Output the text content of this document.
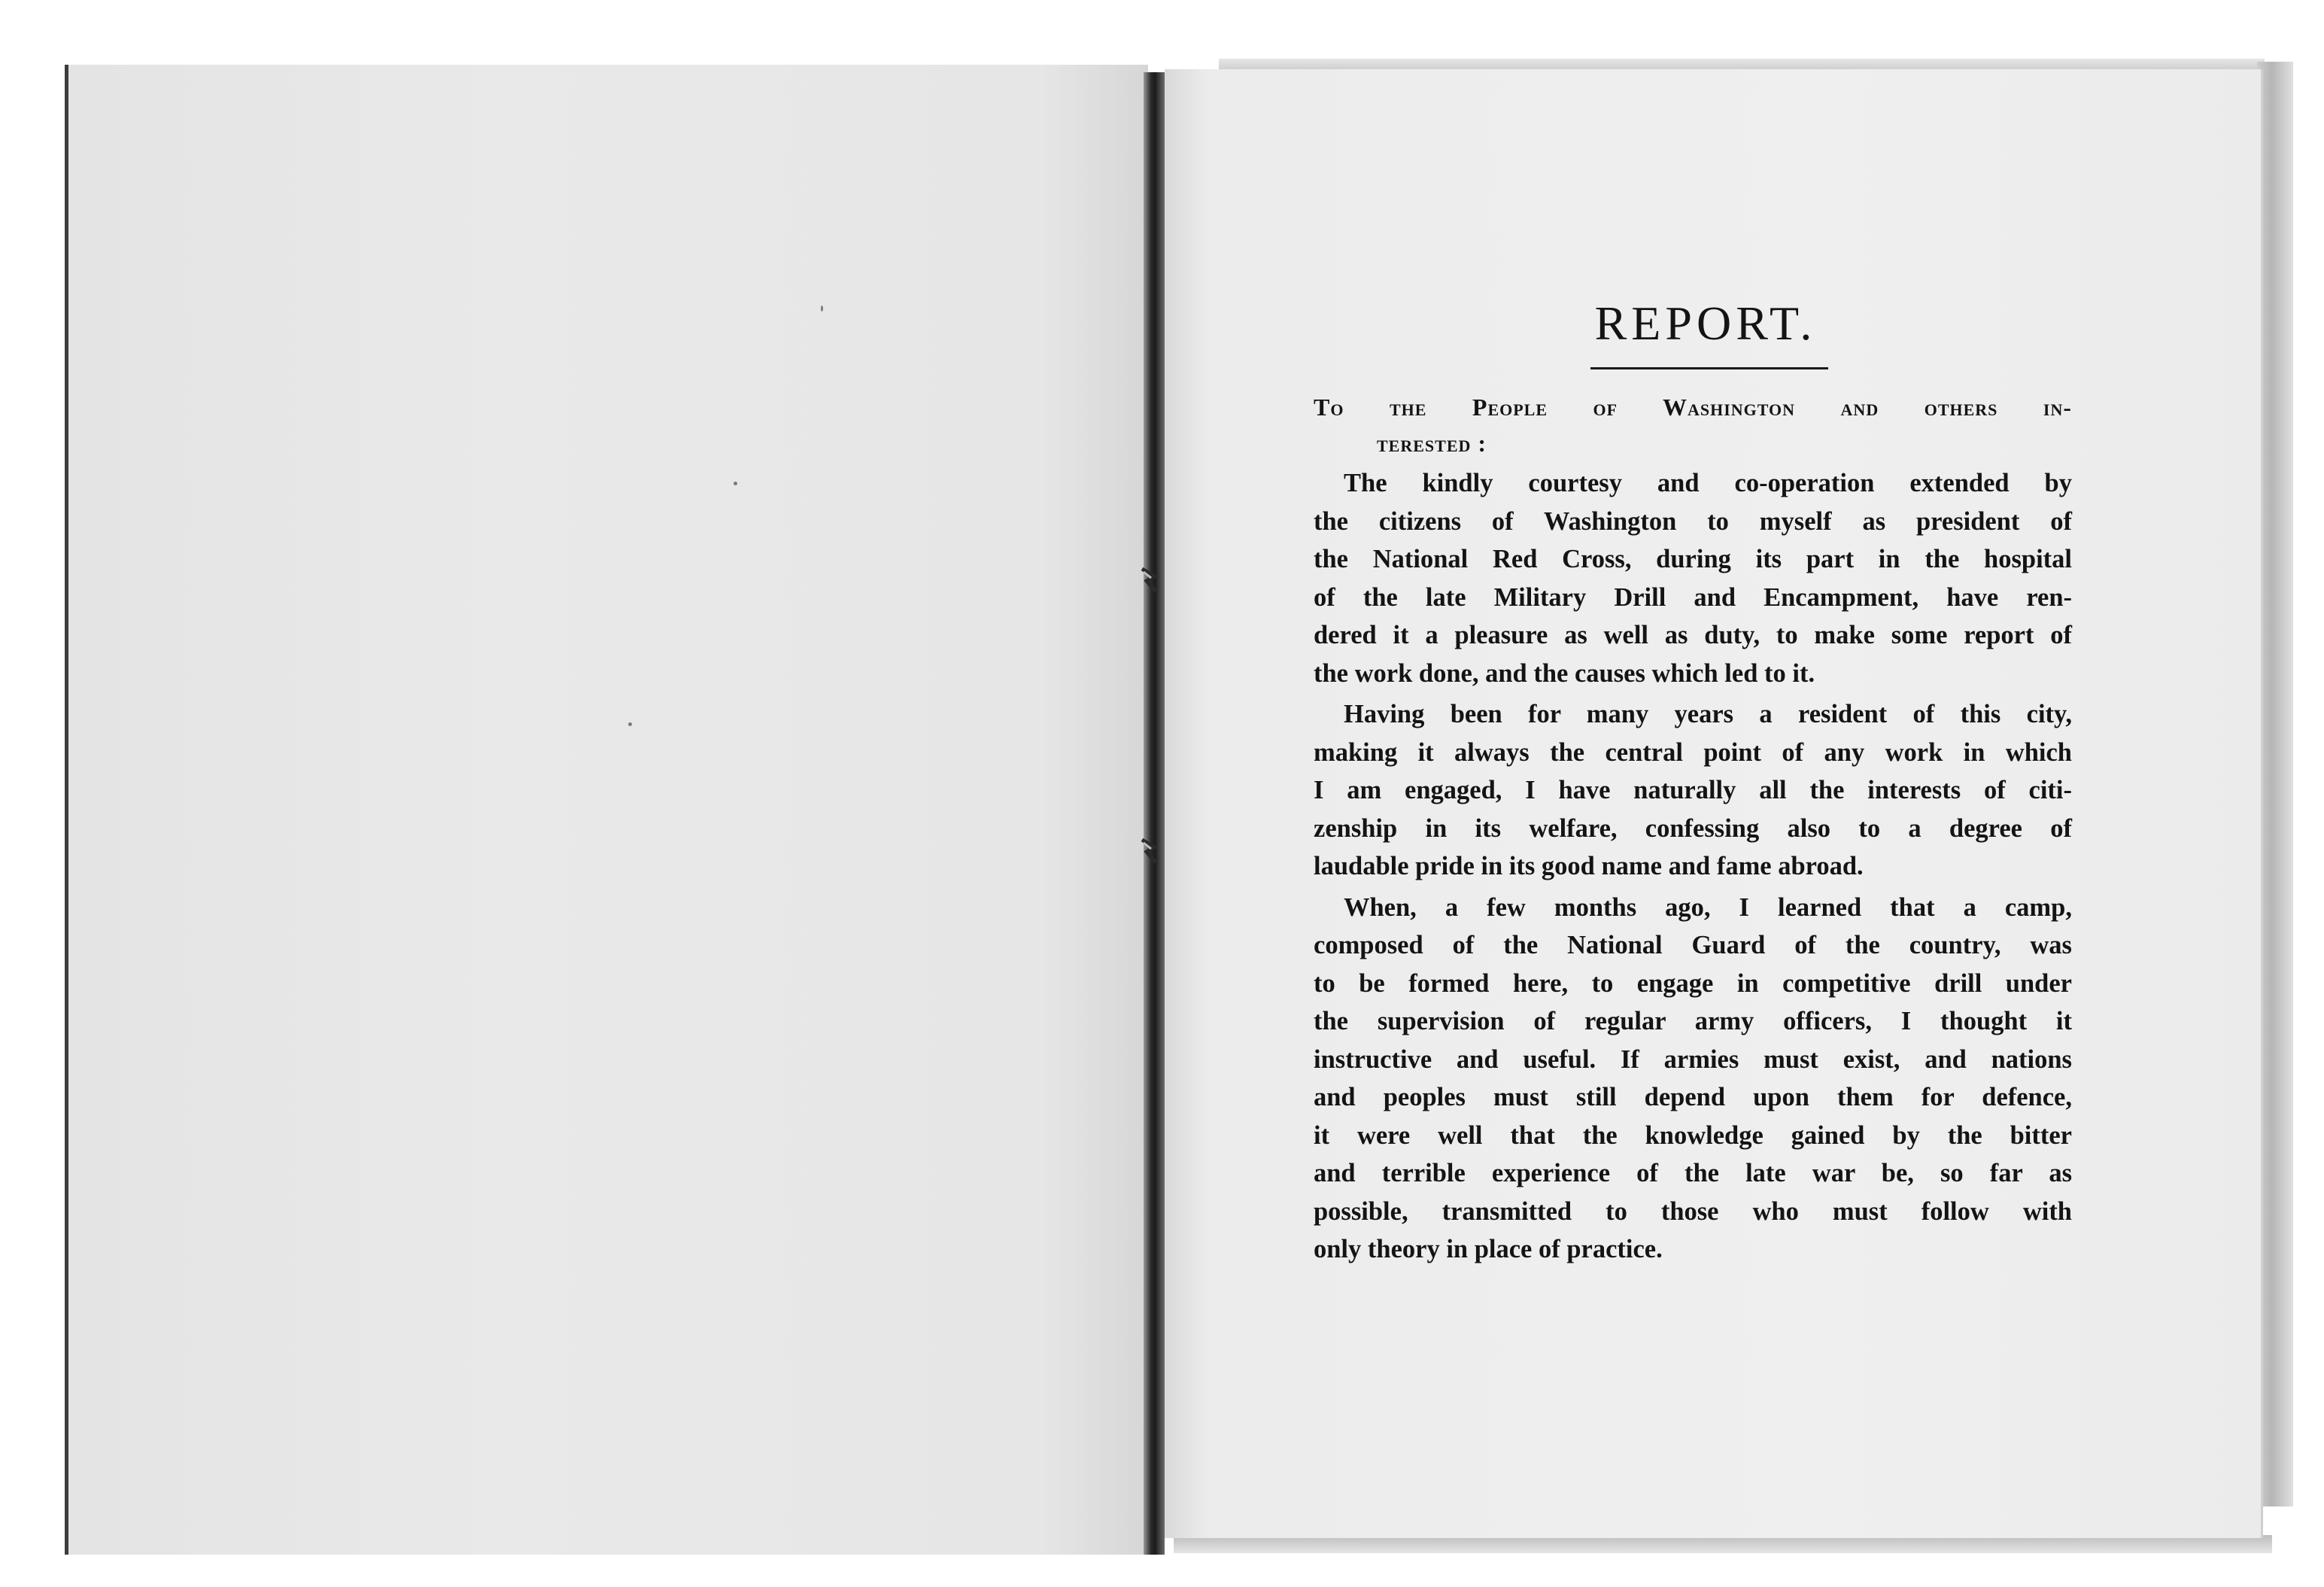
REPORT.
To the People of Washington and others in-
terested :

The kindly courtesy and co-operation extended by
the citizens of Washington to myself as president of
the National Red Cross, during its part in the hospital
of the late Military Drill and Encampment, have ren-
dered it a pleasure as well as duty, to make some report of
the work done, and the causes which led to it.

Having been for many years a resident of this city,
making it always the central point of any work in which
I am engaged, I have naturally all the interests of citi-
zenship in its welfare, confessing also to a degree of
laudable pride in its good name and fame abroad.

When, a few months ago, I learned that a camp,
composed of the National Guard of the country, was
to be formed here, to engage in competitive drill under
the supervision of regular army officers, I thought it
instructive and useful. If armies must exist, and nations
and peoples must still depend upon them for defence,
it were well that the knowledge gained by the bitter
and terrible experience of the late war be, so far as
possible, transmitted to those who must follow with
only theory in place of practice.
